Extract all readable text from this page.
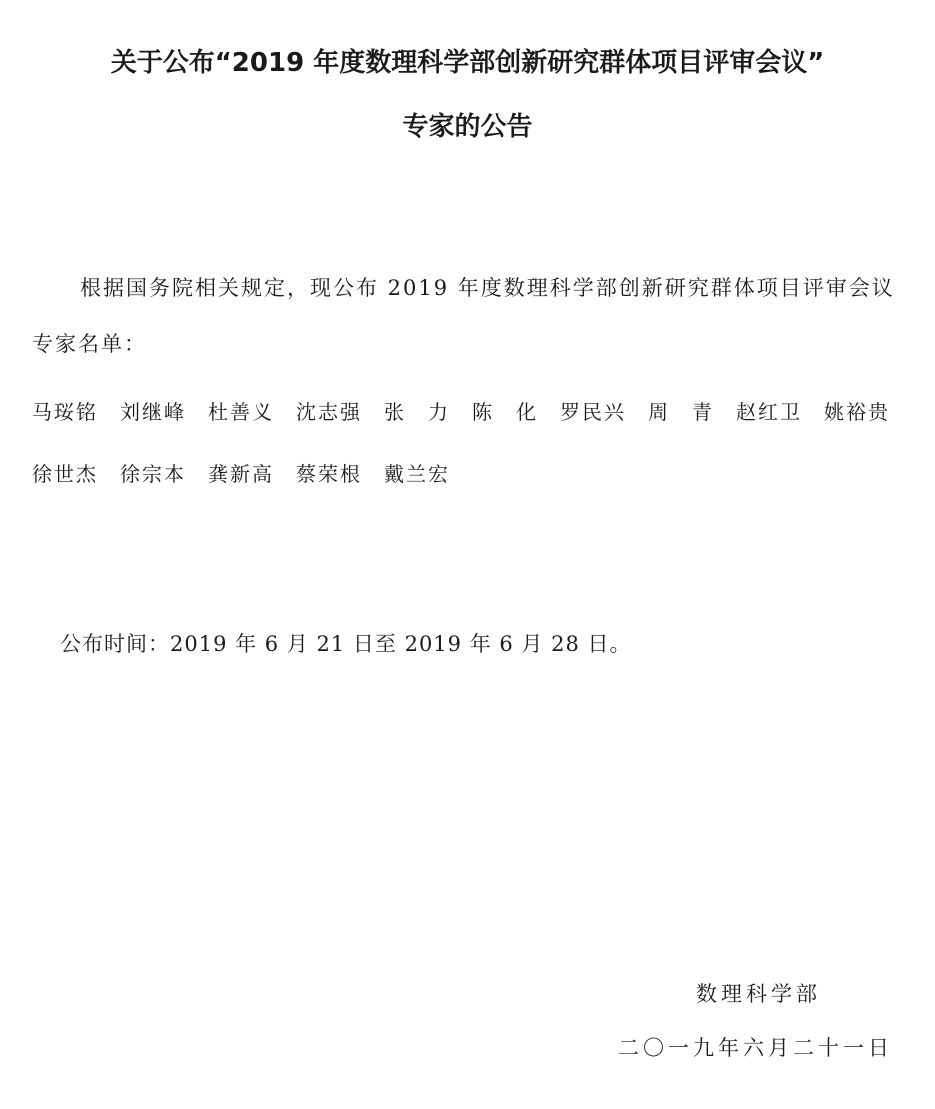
关于公布“2019 年度数理科学部创新研究群体项目评审会议”
专家的公告
根据国务院相关规定，现公布 2019 年度数理科学部创新研究群体项目评审会议专家名单：
马珱铭 刘继峰 杜善义 沈志强 张　力 陈　化 罗民兴 周　青 赵红卫 姚裕贵
徐世杰 徐宗本 龚新高 蔡荣根 戴兰宏
公布时间：2019 年 6 月 21 日至 2019 年 6 月 28 日。
数理科学部
二〇一九年六月二十一日
